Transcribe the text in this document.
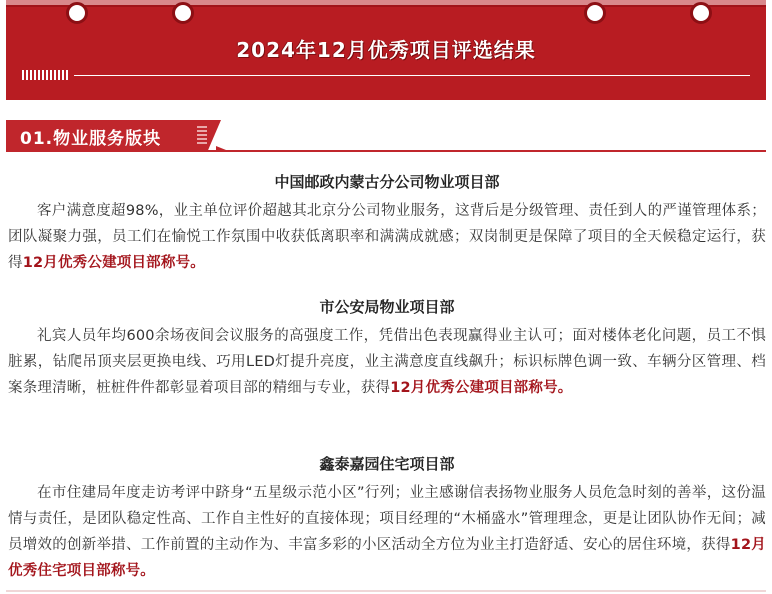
2024年12月优秀项目评选结果
01.物业服务版块
中国邮政内蒙古分公司物业项目部

客户满意度超98%，业主单位评价超越其北京分公司物业服务，这背后是分级管理、责任到人的严谨管理体系；团队凝聚力强，员工们在愉悦工作氛围中收获低离职率和满满成就感；双岗制更是保障了项目的全天候稳定运行，获得12月优秀公建项目部称号。

市公安局物业项目部

礼宾人员年均600余场夜间会议服务的高强度工作，凭借出色表现赢得业主认可；面对楼体老化问题，员工不惧脏累，钻爬吊顶夹层更换电线、巧用LED灯提升亮度，业主满意度直线飙升；标识标牌色调一致、车辆分区管理、档案条理清晰，桩桩件件都彰显着项目部的精细与专业，获得12月优秀公建项目部称号。

鑫泰嘉园住宅项目部

在市住建局年度走访考评中跻身“五星级示范小区”行列；业主感谢信表扬物业服务人员危急时刻的善举，这份温情与责任，是团队稳定性高、工作自主性好的直接体现；项目经理的“木桶盛水”管理理念，更是让团队协作无间；减员增效的创新举措、工作前置的主动作为、丰富多彩的小区活动全方位为业主打造舒适、安心的居住环境，获得12月优秀住宅项目部称号。
